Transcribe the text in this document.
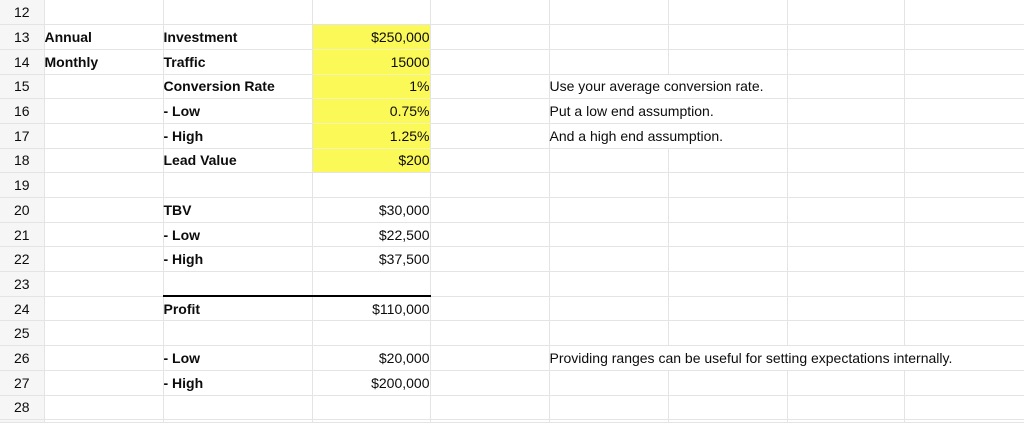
12								
13	Annual	Investment	$250,000					
14	Monthly	Traffic	15000					
15		Conversion Rate	1%		Use your average conversion rate.			
16		- Low	0.75%		Put a low end assumption.			
17		- High	1.25%		And a high end assumption.			
18		Lead Value	$200					
19								
20		TBV	$30,000					
21		- Low	$22,500					
22		- High	$37,500					
23								
24		Profit	$110,000					
25								
26		- Low	$20,000		Providing ranges can be useful for setting expectations internally.			
27		- High	$200,000					
28								
